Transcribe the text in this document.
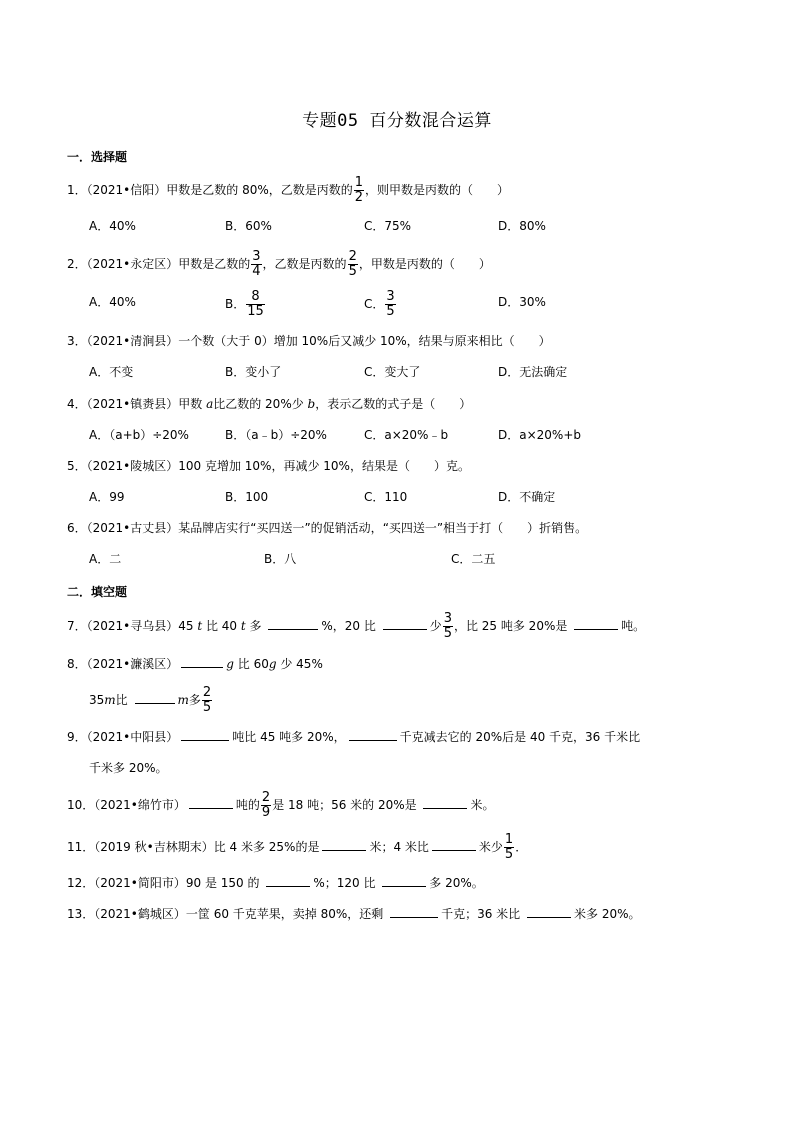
专题05 百分数混合运算
一．选择题
1．（2021•信阳）甲数是乙数的 80%，乙数是丙数的 $\frac{1}{2}$ ，则甲数是丙数的（　　）
A．40%	B．60%	C．75%	D．80%
2．（2021•永定区）甲数是乙数的 $\frac{3}{4}$ ，乙数是丙数的 $\frac{2}{5}$ ，甲数是丙数的（　　）
A．40%	B． $\frac{8}{15}$	C． $\frac{3}{5}$	D．30%
3．（2021•清涧县）一个数（大于 0）增加 10%后又减少 10%，结果与原来相比（　　）
A．不变	B．变小了	C．变大了	D．无法确定
4．（2021•镇赉县）甲数 a比乙数的 20%少 b，表示乙数的式子是（　　）
A．（a+b）÷20%	B．（a﹣b）÷20%	C．a×20%﹣b	D．a×20%+b
5．（2021•陵城区）100 克增加 10%，再减少 10%，结果是（　　）克。
A．99	B．100	C．110	D．不确定
6．（2021•古丈县）某品牌店实行“买四送一”的促销活动，“买四送一”相当于打（　　）折销售。
A．二	B．八	C．二五
二．填空题
7．（2021•寻乌县）45 t 比 40 t 多	%，20 比	少 $\frac{3}{5}$ ，比 25 吨多 20%是	吨。
8．（2021•濂溪区）	g 比 60g 少 45%
35m比	m多 $\frac{2}{5}$
9．（2021•中阳县）	吨比 45 吨多 20%，	千克减去它的 20%后是 40 千克，36 千米比
千米多 20%。
10．（2021•绵竹市）	吨的 $\frac{2}{9}$ 是 18 吨；56 米的 20%是	米。
11．（2019 秋•吉林期末）比 4 米多 25%的是	米；4 米比	米少 $\frac{1}{5}$ ．
12．（2021•简阳市）90 是 150 的	%；120 比	多 20%。
13．（2021•鹤城区）一筐 60 千克苹果，卖掉 80%，还剩	千克；36 米比	米多 20%。
